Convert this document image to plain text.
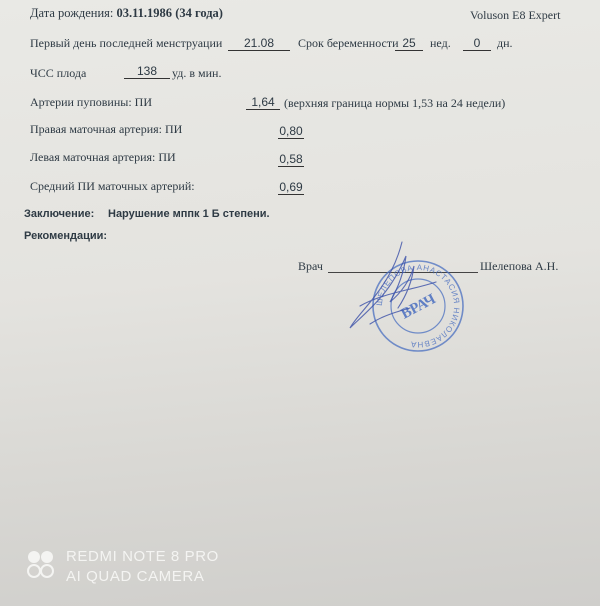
Дата рождения: 03.11.1986 (34 года)	Voluson E8 Expert
Первый день последней менструации	21.08	Срок беременности 25	нед.	0	дн.
ЧСС плода	138	уд. в мин.
Артерии пуповины: ПИ	1,64 (верхняя граница нормы 1,53 на 24 недели)
Правая маточная артерия: ПИ	0,80
Левая маточная артерия: ПИ	0,58
Средний ПИ маточных артерий:	0,69
Заключение: Нарушение мппк 1 Б степени.
Рекомендации:
Врач	Шелепова А.Н.
ШЕЛЕПОВА АНАСТАСИЯ НИКОЛАЕВНА
ВРАЧ
REDMI NOTE 8 PRO
AI QUAD CAMERA
